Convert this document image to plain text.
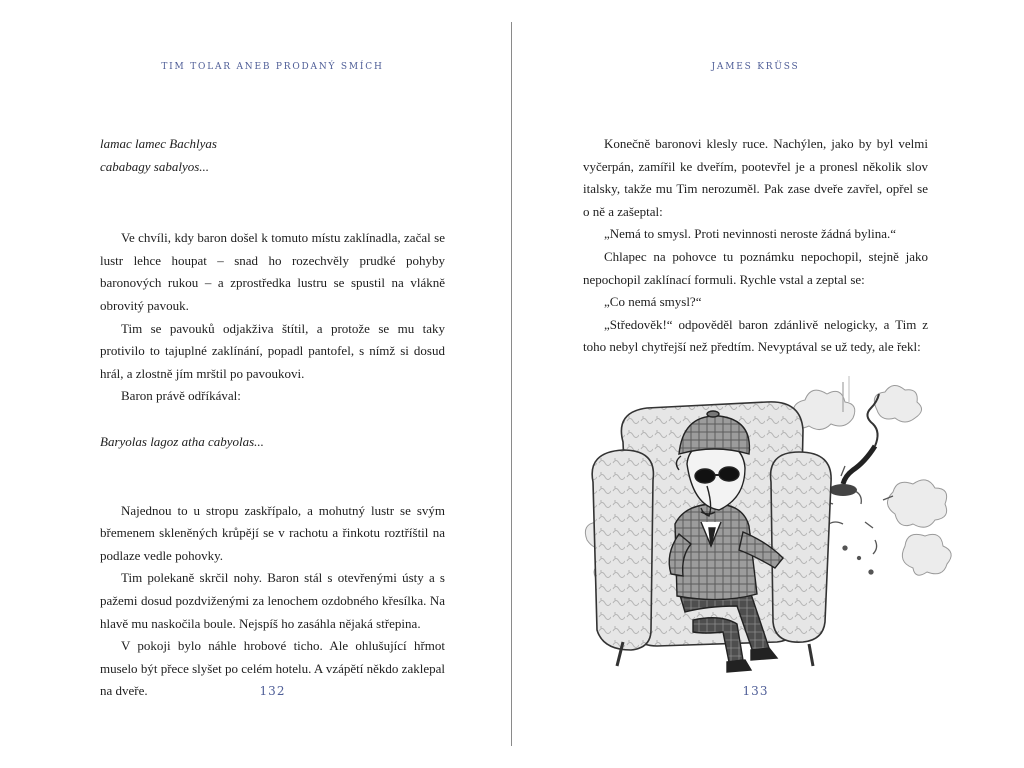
TIM TOLAR ANEB PRODANÝ SMÍCH

lamac lamec Bachlyas

cababagy sabalyos...

Ve chvíli, kdy baron došel k tomuto místu zaklínadla, začal se lustr lehce houpat – snad ho rozechvěly prudké pohyby baronových rukou – a zprostředka lustru se spustil na vlákně obrovitý pavouk.

Tim se pavouků odjakživa štítil, a protože se mu taky protivilo to tajuplné zaklínání, popadl pantofel, s nímž si dosud hrál, a zlostně jím mrštil po pavoukovi.

Baron právě odříkával:

Baryolas lagoz atha cabyolas...

Najednou to u stropu zaskřípalo, a mohutný lustr se svým břemenem skleněných krůpějí se v rachotu a řinkotu roztříštil na podlaze vedle pohovky.

Tim polekaně skrčil nohy. Baron stál s otevřenými ústy a s pažemi dosud pozdviženými za lenochem ozdobného křesílka. Na hlavě mu naskočila boule. Nejspíš ho zasáhla nějaká střepina.

V pokoji bylo náhle hrobové ticho. Ale ohlušující hřmot muselo být přece slyšet po celém hotelu. A vzápětí někdo zaklepal na dveře.	132
JAMES KRÜSS

Konečně baronovi klesly ruce. Nachýlen, jako by byl velmi vyčerpán, zamířil ke dveřím, pootevřel je a pronesl několik slov italsky, takže mu Tim nerozuměl. Pak zase dveře zavřel, opřel se o ně a zašeptal:

„Nemá to smysl. Proti nevinnosti neroste žádná bylina.“

Chlapec na pohovce tu poznámku nepochopil, stejně jako nepochopil zaklínací formuli. Rychle vstal a zeptal se:

„Co nemá smysl?“

„Středověk!“ odpověděl baron zdánlivě nelogicky, a Tim z toho nebyl chytřejší než předtím. Nevyptával se už tedy, ale řekl:

133
